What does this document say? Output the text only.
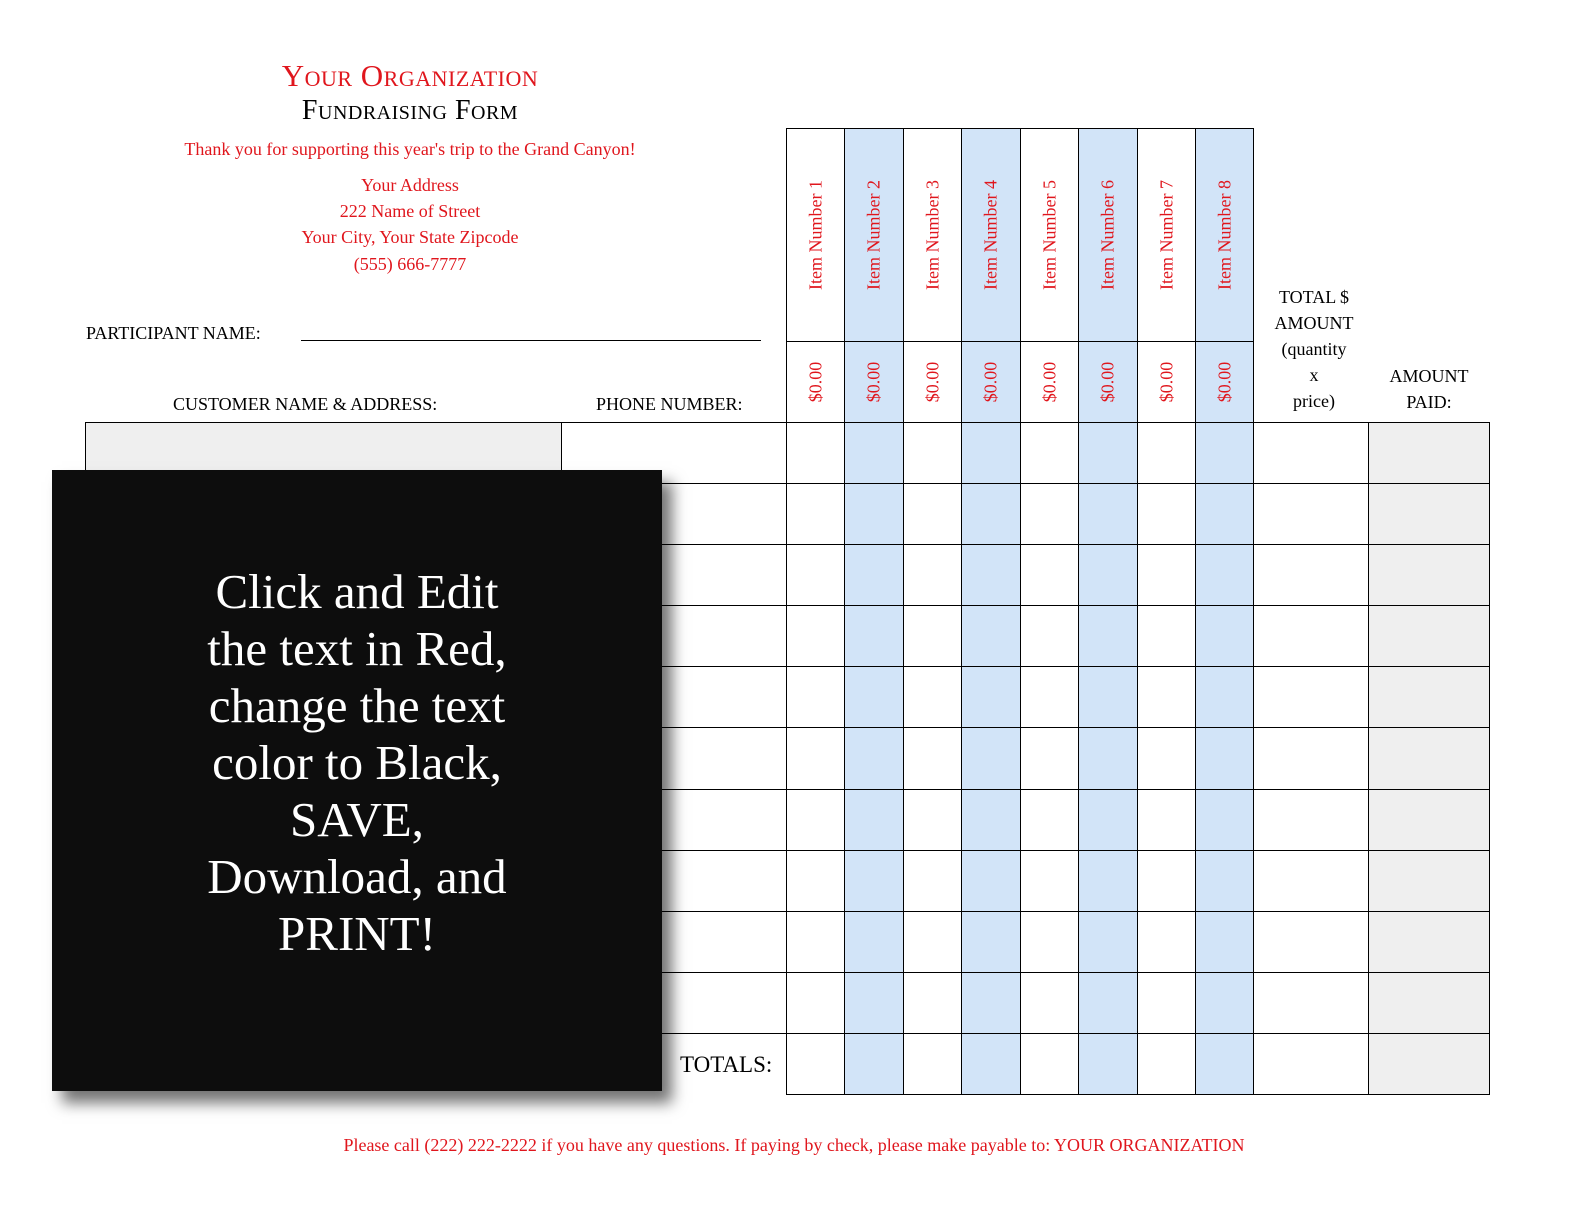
Your Organization
Fundraising Form
Thank you for supporting this year's trip to the Grand Canyon!
Your Address
222 Name of Street
Your City, Your State Zipcode
(555) 666-7777
PARTICIPANT NAME:
CUSTOMER NAME & ADDRESS:	PHONE NUMBER:
Item Number 1
$0.00
Item Number 2
$0.00
Item Number 3
$0.00
Item Number 4
$0.00
Item Number 5
$0.00
Item Number 6
$0.00
Item Number 7
$0.00
Item Number 8
$0.00
TOTAL $
AMOUNT
(quantity
x
price)
AMOUNT
PAID:
TOTALS:
Click and Edit
the text in Red,
change the text
color to Black,
SAVE,
Download, and
PRINT!
Please call (222) 222-2222 if you have any questions. If paying by check, please make payable to: YOUR ORGANIZATION
